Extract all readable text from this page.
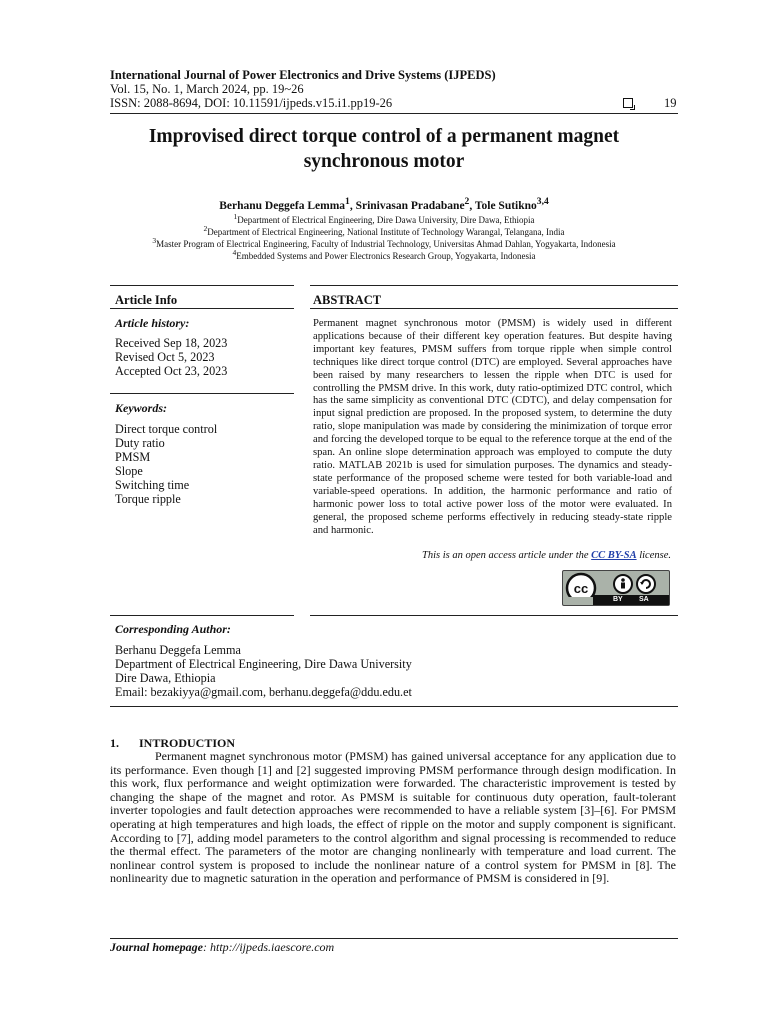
International Journal of Power Electronics and Drive Systems (IJPEDS)
Vol. 15, No. 1, March 2024, pp. 19~26
ISSN: 2088-8694, DOI: 10.11591/ijpeds.v15.i1.pp19-26	19
Improvised direct torque control of a permanent magnet
synchronous motor
Berhanu Deggefa Lemma$^1$, Srinivasan Pradabane$^2$, Tole Sutikno$^{3,4}$
$^1$Department of Electrical Engineering, Dire Dawa University, Dire Dawa, Ethiopia
$^2$Department of Electrical Engineering, National Institute of Technology Warangal, Telangana, India
$^3$Master Program of Electrical Engineering, Faculty of Industrial Technology, Universitas Ahmad Dahlan, Yogyakarta, Indonesia
$^4$Embedded Systems and Power Electronics Research Group, Yogyakarta, Indonesia
Article Info	ABSTRACT
Article history:
Received Sep 18, 2023
Revised Oct 5, 2023
Accepted Oct 23, 2023
Keywords:
Direct torque control
Duty ratio
PMSM
Slope
Switching time
Torque ripple
Permanent magnet synchronous motor (PMSM) is widely used in different applications because of their different key operation features. But despite having important key features, PMSM suffers from torque ripple when simple control techniques like direct torque control (DTC) are employed. Several approaches have been raised by many researchers to lessen the ripple when DTC is used for controlling the PMSM drive. In this work, duty ratio-optimized DTC control, which has the same simplicity as conventional DTC (CDTC), and delay compensation for input signal prediction are proposed. In the proposed system, to determine the duty ratio, slope manipulation was made by considering the minimization of torque error and forcing the developed torque to be equal to the reference torque at the end of the span. An online slope determination approach was employed to compute the duty ratio. MATLAB 2021b is used for simulation purposes. The dynamics and steady-state performance of the proposed scheme were tested for both variable-load and variable-speed operations. In addition, the harmonic performance and ratio of harmonic power loss to total active power loss of the motor were evaluated. In general, the proposed scheme performs effectively in reducing steady-state ripple and harmonic.
This is an open access article under the CC BY-SA license.
cc
BY SA
Corresponding Author:
Berhanu Deggefa Lemma
Department of Electrical Engineering, Dire Dawa University
Dire Dawa, Ethiopia
Email: bezakiyya@gmail.com, berhanu.deggefa@ddu.edu.et
1. INTRODUCTION
Permanent magnet synchronous motor (PMSM) has gained universal acceptance for any application due to its performance. Even though [1] and [2] suggested improving PMSM performance through design modification. In this work, flux performance and weight optimization were forwarded. The characteristic improvement is tested by changing the shape of the magnet and rotor. As PMSM is suitable for continuous duty operation, fault-tolerant inverter topologies and fault detection approaches were recommended to have a reliable system [3]–[6]. For PMSM operating at high temperatures and high loads, the effect of ripple on the motor and supply component is significant. According to [7], adding model parameters to the control algorithm and signal processing is recommended to reduce the thermal effect. The parameters of the motor are changing nonlinearly with temperature and load current. The nonlinear control system is proposed to include the nonlinear nature of a control system for PMSM in [8]. The nonlinearity due to magnetic saturation in the operation and performance of PMSM is considered in [9].
Journal homepage: http://ijpeds.iaescore.com
